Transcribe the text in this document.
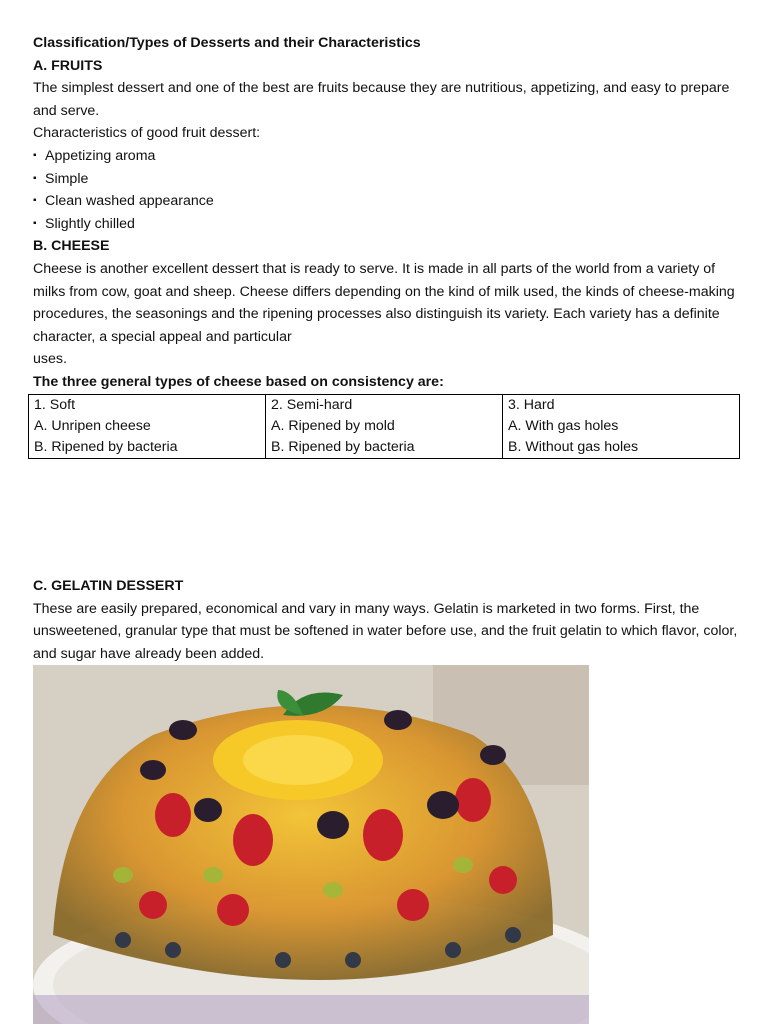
Classification/Types of Desserts and their Characteristics

A. FRUITS

The simplest dessert and one of the best are fruits because they are nutritious, appetizing, and easy to prepare and serve.

Characteristics of good fruit dessert:

▪ Appetizing aroma
▪ Simple
▪ Clean washed appearance
▪ Slightly chilled

B. CHEESE

Cheese is another excellent dessert that is ready to serve. It is made in all parts of the world from a variety of milks from cow, goat and sheep. Cheese differs depending on the kind of milk used, the kinds of cheese-making procedures, the seasonings and the ripening processes also distinguish its variety. Each variety has a definite character, a special appeal and particular

uses.

The three general types of cheese based on consistency are:

1. Soft	2. Semi-hard	3. Hard
A. Unripen cheese	A. Ripened by mold	A. With gas holes
B. Ripened by bacteria	B. Ripened by bacteria	B. Without gas holes

C. GELATIN DESSERT

These are easily prepared, economical and vary in many ways. Gelatin is marketed in two forms. First, the unsweetened, granular type that must be softened in water before use, and the fruit gelatin to which flavor, color, and sugar have already been added.
